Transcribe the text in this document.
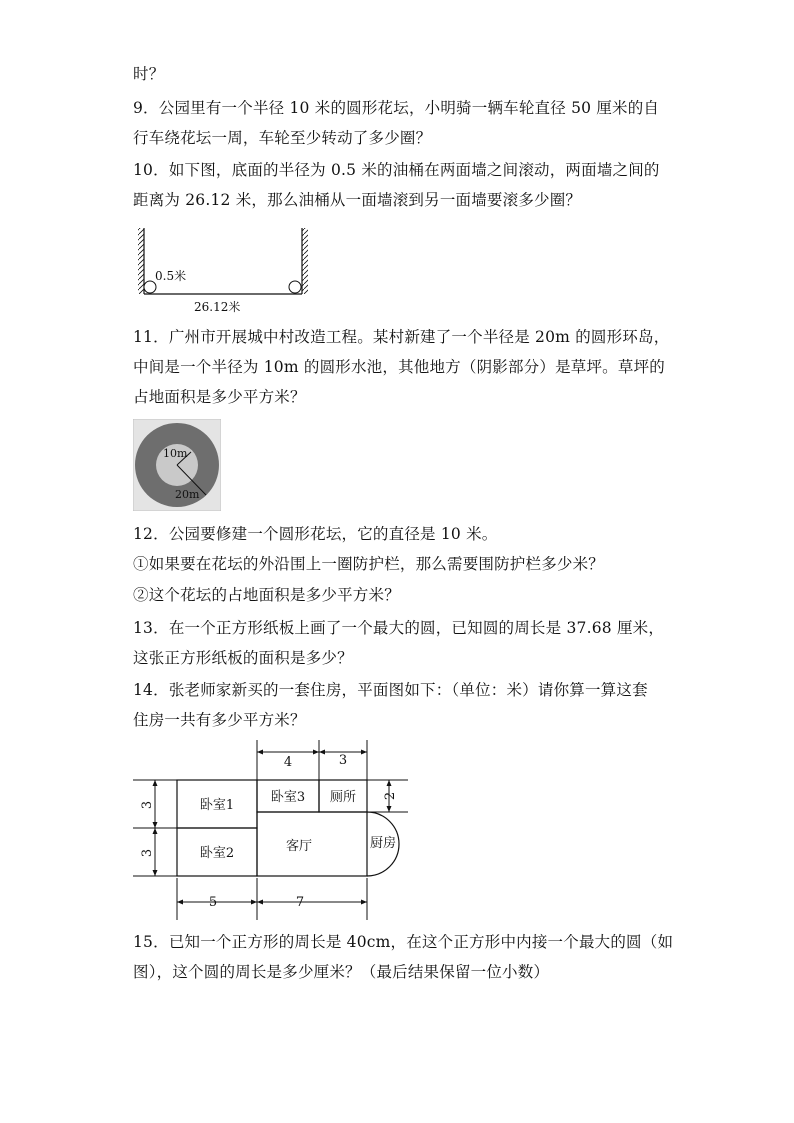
时？
9．公园里有一个半径 10 米的圆形花坛，小明骑一辆车轮直径 50 厘米的自
行车绕花坛一周，车轮至少转动了多少圈？
10．如下图，底面的半径为 0.5 米的油桶在两面墙之间滚动，两面墙之间的
距离为 26.12 米，那么油桶从一面墙滚到另一面墙要滚多少圈？
0.5米
26.12米
11．广州市开展城中村改造工程。某村新建了一个半径是 20m 的圆形环岛，
中间是一个半径为 10m 的圆形水池，其他地方（阴影部分）是草坪。草坪的
占地面积是多少平方米？
10m
20m
12．公园要修建一个圆形花坛，它的直径是 10 米。
①如果要在花坛的外沿围上一圈防护栏，那么需要围防护栏多少米？
②这个花坛的占地面积是多少平方米？
13．在一个正方形纸板上画了一个最大的圆，已知圆的周长是 37.68 厘米，
这张正方形纸板的面积是多少？
14．张老师家新买的一套住房，平面图如下：（单位：米）请你算一算这套
住房一共有多少平方米？
卧室1
卧室2
卧室3 厕所
客厅	厨房
4	3
5	7
3
3
2
15．已知一个正方形的周长是 40cm，在这个正方形中内接一个最大的圆（如
图），这个圆的周长是多少厘米？（最后结果保留一位小数）
